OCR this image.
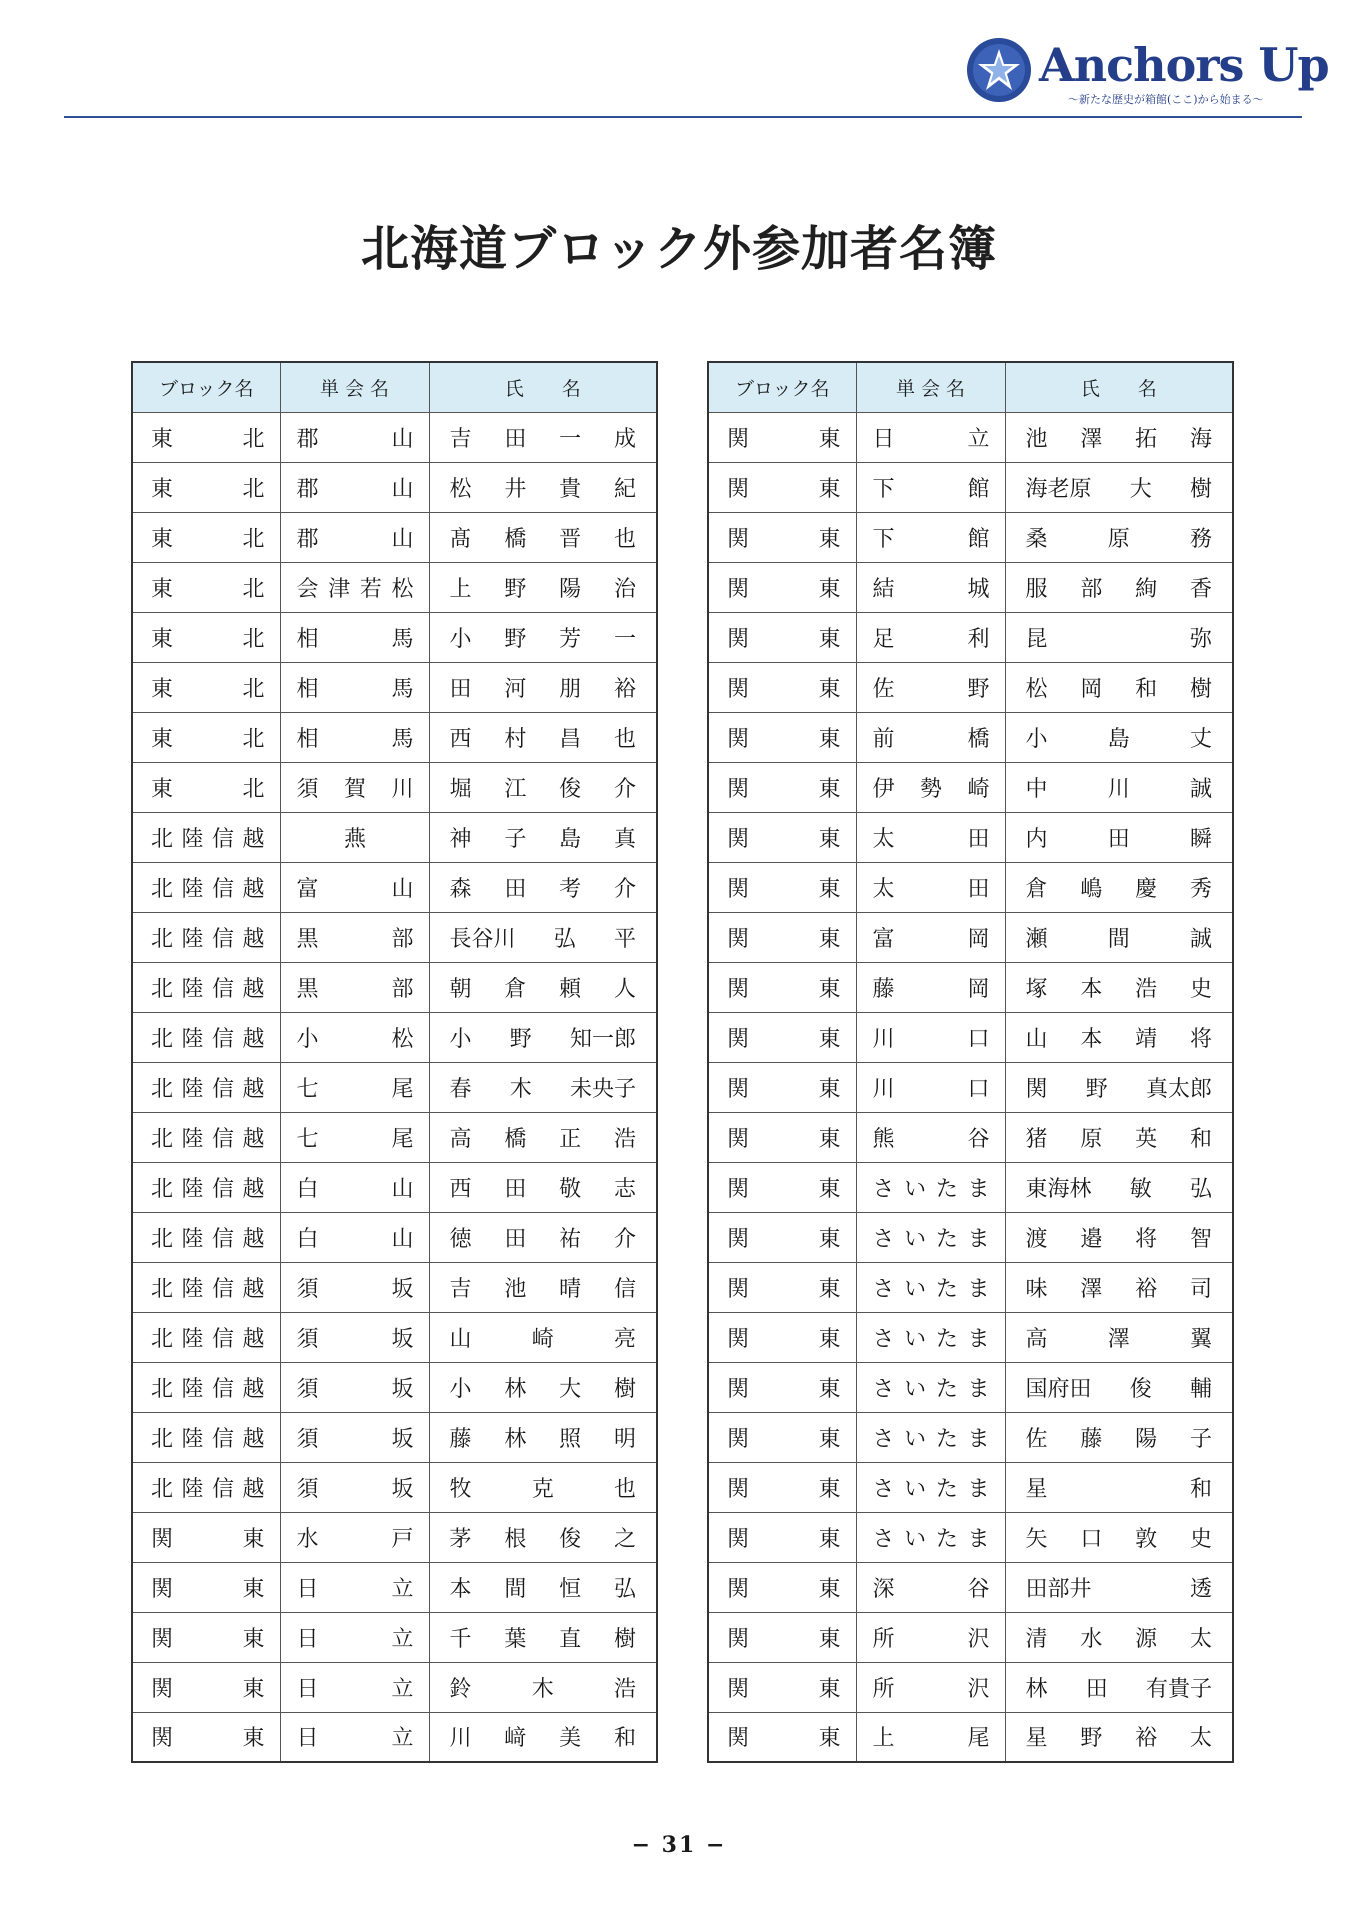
Anchors Up
〜新たな歴史が箱館(ここ)から始まる〜
北海道ブロック外参加者名簿
ブロック名	単 会 名	氏　　名

東 北	郡 山	吉 田 一 成

東 北	郡 山	松 井 貴 紀

東 北	郡 山	髙 橋 晋 也

東 北	会 津 若 松	上 野 陽 治

東 北	相 馬	小 野 芳 一

東 北	相 馬	田 河 朋 裕

東 北	相 馬	西 村 昌 也

東 北	須 賀 川	堀 江 俊 介

北 陸 信 越	燕	神 子 島 真

北 陸 信 越	富 山	森 田 考 介

北 陸 信 越	黒 部	長谷川 弘 平

北 陸 信 越	黒 部	朝 倉 頼 人

北 陸 信 越	小 松	小 野 知一郎

北 陸 信 越	七 尾	春 木 未央子

北 陸 信 越	七 尾	高 橋 正 浩

北 陸 信 越	白 山	西 田 敬 志

北 陸 信 越	白 山	徳 田 祐 介

北 陸 信 越	須 坂	吉 池 晴 信

北 陸 信 越	須 坂	山 崎 亮

北 陸 信 越	須 坂	小 林 大 樹

北 陸 信 越	須 坂	藤 林 照 明

北 陸 信 越	須 坂	牧 克 也

関 東	水 戸	茅 根 俊 之

関 東	日 立	本 間 恒 弘

関 東	日 立	千 葉 直 樹

関 東	日 立	鈴 木 浩

関 東	日 立	川 﨑 美 和
ブロック名	単 会 名	氏　　名

関 東	日 立	池 澤 拓 海

関 東	下 館	海老原 大 樹

関 東	下 館	桑 原 務

関 東	結 城	服 部 絢 香

関 東	足 利	昆 弥

関 東	佐 野	松 岡 和 樹

関 東	前 橋	小 島 丈

関 東	伊 勢 崎	中 川 誠

関 東	太 田	内 田 瞬

関 東	太 田	倉 嶋 慶 秀

関 東	富 岡	瀬 間 誠

関 東	藤 岡	塚 本 浩 史

関 東	川 口	山 本 靖 将

関 東	川 口	関 野 真太郎

関 東	熊 谷	猪 原 英 和

関 東	さ い た ま	東海林 敏 弘

関 東	さ い た ま	渡 邉 将 智

関 東	さ い た ま	味 澤 裕 司

関 東	さ い た ま	高 澤 翼

関 東	さ い た ま	国府田 俊 輔

関 東	さ い た ま	佐 藤 陽 子

関 東	さ い た ま	星 和

関 東	さ い た ま	矢 口 敦 史

関 東	深 谷	田部井 透

関 東	所 沢	清 水 源 太

関 東	所 沢	林 田 有貴子

関 東	上 尾	星 野 裕 太
− 31 −
